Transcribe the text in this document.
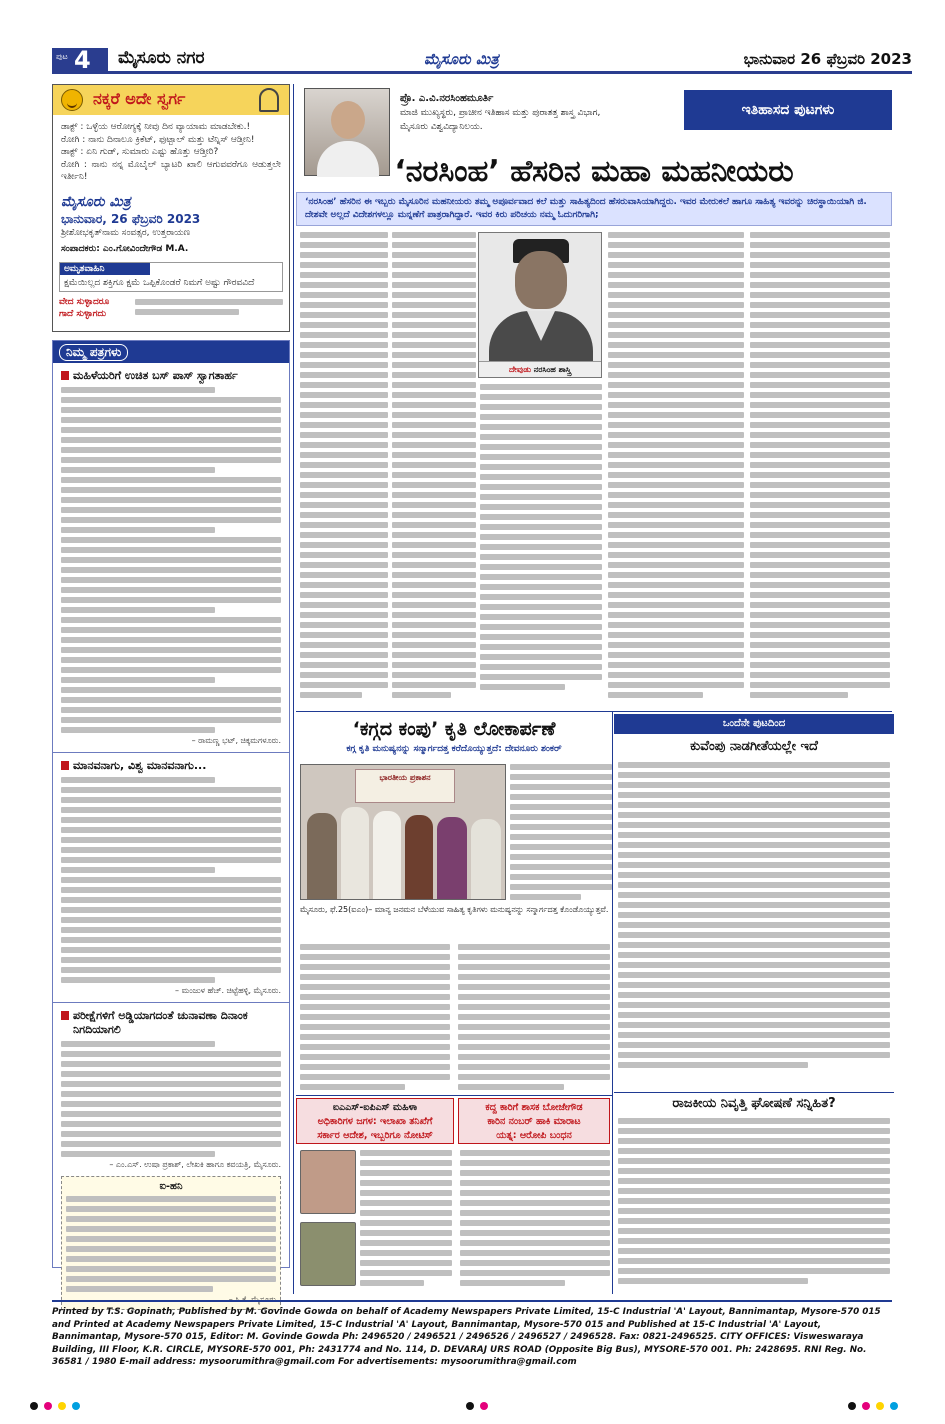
ಪುಟ 4 ಮೈಸೂರು ನಗರ	ಮೈಸೂರು ಮಿತ್ರ	ಭಾನುವಾರ 26 ಫೆಬ್ರವರಿ 2023
ನಕ್ಕರೆ ಅದೇ ಸ್ವರ್ಗ
ಡಾಕ್ಟ್ : ಒಳ್ಳೆಯ ಆರೋಗ್ಯಕ್ಕೆ ನೀವು ದಿನ ವ್ಯಾಯಾಮ ಮಾಡಬೇಕು.!
ರೋಗಿ : ನಾನು ದಿನಾಲೂ ಕ್ರಿಕೆಟ್, ಫುಟ್ಬಾಲ್ ಮತ್ತು ಟೆನ್ನಿಸ್ ಆಡ್ತೀನಿ!
ಡಾಕ್ಟ್ : ಏನಿ ಗುಡ್, ಸುಮಾರು ಎಷ್ಟು ಹೊತ್ತು ಆಡ್ತೀರಿ?
ರೋಗಿ : ನಾನು ನನ್ನ ಮೊಬೈಲ್ ಬ್ಯಾಟರಿ ಖಾಲಿ ಆಗುವವರೆಗೂ ಆಡುತ್ತಲೇ ಇರ್ತೀನಿ!
ಮೈಸೂರು ಮಿತ್ರ
ಭಾನುವಾರ, 26 ಫೆಬ್ರವರಿ 2023
ಶ್ರೀಶೋಭಕೃತ್‌ನಾಮ ಸಂವತ್ಸರ, ಉತ್ತರಾಯಣ
ಸಂಪಾದಕರು: ಎಂ.ಗೋವಿಂದೇಗೌಡ M.A.
ಅಮೃತವಾಹಿನಿ
ಕ್ಷಮೆಯಿಲ್ಲದ ಶಕ್ತಿಗೂ ಕ್ಷಮೆ ಒಪ್ಪಿಕೊಂಡರೆ ನಿಮಗೆ ಅಷ್ಟು ಗೌರವವಿದೆ
ವೇದ ಸುಳ್ಳಾದರೂ
ಗಾದೆ ಸುಳ್ಳಾಗದು
ನಿಮ್ಮ ಪತ್ರಗಳು
ಮಹಿಳೆಯರಿಗೆ ಉಚಿತ ಬಸ್ ಪಾಸ್ ಸ್ವಾಗತಾರ್ಹ
– ರಾಮಣ್ಣ ಭಟ್, ಚಿಕ್ಕಮಗಳೂರು.
ಮಾನವನಾಗು, ವಿಶ್ವ ಮಾನವನಾಗು...
– ಮಂಜುಳ ಹೆಚ್. ಚಿಟ್ಟೆಹಳ್ಳಿ, ಮೈಸೂರು.
ಪರೀಕ್ಷೆಗಳಿಗೆ ಅಡ್ಡಿಯಾಗದಂತೆ ಚುನಾವಣಾ ದಿನಾಂಕ ನಿಗದಿಯಾಗಲಿ
– ಎಂ.ಎಸ್. ಉಷಾ ಪ್ರಕಾಶ್, ಲೇಖಕಿ ಹಾಗೂ ಕವಯತ್ರಿ, ಮೈಸೂರು.
ಐ-ಹನಿ
– ಸಿ.ಕೆ. ಮೈಸೂರು
ಪ್ರೊ. ಎ.ವಿ.ನರಸಿಂಹಮೂರ್ತಿ
ಮಾಜಿ ಮುಖ್ಯಸ್ಥರು, ಪ್ರಾಚೀನ ಇತಿಹಾಸ ಮತ್ತು ಪುರಾತತ್ತ ಶಾಸ್ತ್ರ ವಿಭಾಗ,
ಮೈಸೂರು ವಿಶ್ವವಿದ್ಯಾನಿಲಯ.
ಇತಿಹಾಸದ ಪುಟಗಳು
‘ನರಸಿಂಹ’ ಹೆಸರಿನ ಮಹಾ ಮಹನೀಯರು
‘ನರಸಿಂಹ’ ಹೆಸರಿನ ಈ ಇಬ್ಬರು ಮೈಸೂರಿನ ಮಹನೀಯರು ತಮ್ಮ ಅಪೂರ್ವವಾದ ಕಲೆ ಮತ್ತು ಸಾಹಿತ್ಯದಿಂದ ಹೆಸರುವಾಸಿಯಾಗಿದ್ದರು. ಇವರ ಮೇರುಕಲೆ ಹಾಗೂ ಸಾಹಿತ್ಯ ಇವರನ್ನು ಚಿರಸ್ಥಾಯಿಯಾಗಿ ಜಿ. ದೇಶವೇ ಅಲ್ಲದೆ ವಿದೇಶಗಳಲ್ಲೂ ಮನ್ನಣೆಗೆ ಪಾತ್ರರಾಗಿದ್ದಾರೆ. ಇವರ ಕಿರು ಪರಿಚಯ ನಮ್ಮ ಓದುಗರಿಗಾಗಿ;
ದೇವುಡು ನರಸಿಂಹ ಶಾಸ್ತ್ರಿ
‘ಕಗ್ಗದ ಕಂಪು’ ಕೃತಿ ಲೋಕಾರ್ಪಣೆ
ಕಗ್ಗ ಕೃತಿ ಮನುಷ್ಯನನ್ನು ಸನ್ಮಾರ್ಗದತ್ತ ಕರೆದೊಯ್ಯುತ್ತದೆ: ದೇವನೂರು ಶಂಕರ್
ಭಾರತೀಯ ಪ್ರಕಾಶನ
ಮೈಸೂರು, ಫೆ.25(ಐಎಂ)– ಮಾನ್ಯ ಜನಮನ ಬೆಳೆಯುವ ಸಾಹಿತ್ಯ ಕೃತಿಗಳು ಮನುಷ್ಯನನ್ನು ಸನ್ಮಾರ್ಗದತ್ತ ಕೊಂಡೊಯ್ಯುತ್ತವೆ.
ಒಂದೆನೇ ಪುಟದಿಂದ
ಕುವೆಂಪು ನಾಡಗೀತೆಯಲ್ಲೇ ಇದೆ
ರಾಜಕೀಯ ನಿವೃತ್ತಿ ಘೋಷಣೆ ಸನ್ನಿಹಿತ?
ಐಎಎಸ್-ಐಪಿಎಸ್ ಮಹಿಳಾ
ಅಧಿಕಾರಿಗಳ ಜಗಳ: ಇಲಾಖಾ ತನಿಖೆಗೆ
ಸರ್ಕಾರ ಆದೇಶ, ಇಬ್ಬರಿಗೂ ನೋಟಿಸ್
ಕದ್ದ ಕಾರಿಗೆ ಶಾಸಕ ಬೋಜೇಗೌಡ
ಕಾರಿನ ನಂಬರ್ ಹಾಕಿ ಮಾರಾಟ
ಯತ್ನ: ಆರೋಪಿ ಬಂಧನ
Printed by T.S. Gopinath, Published by M. Govinde Gowda on behalf of Academy Newspapers Private Limited, 15-C Industrial 'A' Layout, Bannimantap, Mysore-570 015 and Printed at Academy Newspapers Private Limited, 15-C Industrial 'A' Layout, Bannimantap, Mysore-570 015 and Published at 15-C Industrial 'A' Layout, Bannimantap, Mysore-570 015, Editor: M. Govinde Gowda Ph: 2496520 / 2496521 / 2496526 / 2496527 / 2496528. Fax: 0821-2496525. CITY OFFICES: Visweswaraya Building, III Floor, K.R. CIRCLE, MYSORE-570 001, Ph: 2431774 and No. 114, D. DEVARAJ URS ROAD (Opposite Big Bus), MYSORE-570 001. Ph: 2428695. RNI Reg. No. 36581 / 1980 E-mail address: mysoorumithra@gmail.com For advertisements: mysoorumithra@gmail.com
